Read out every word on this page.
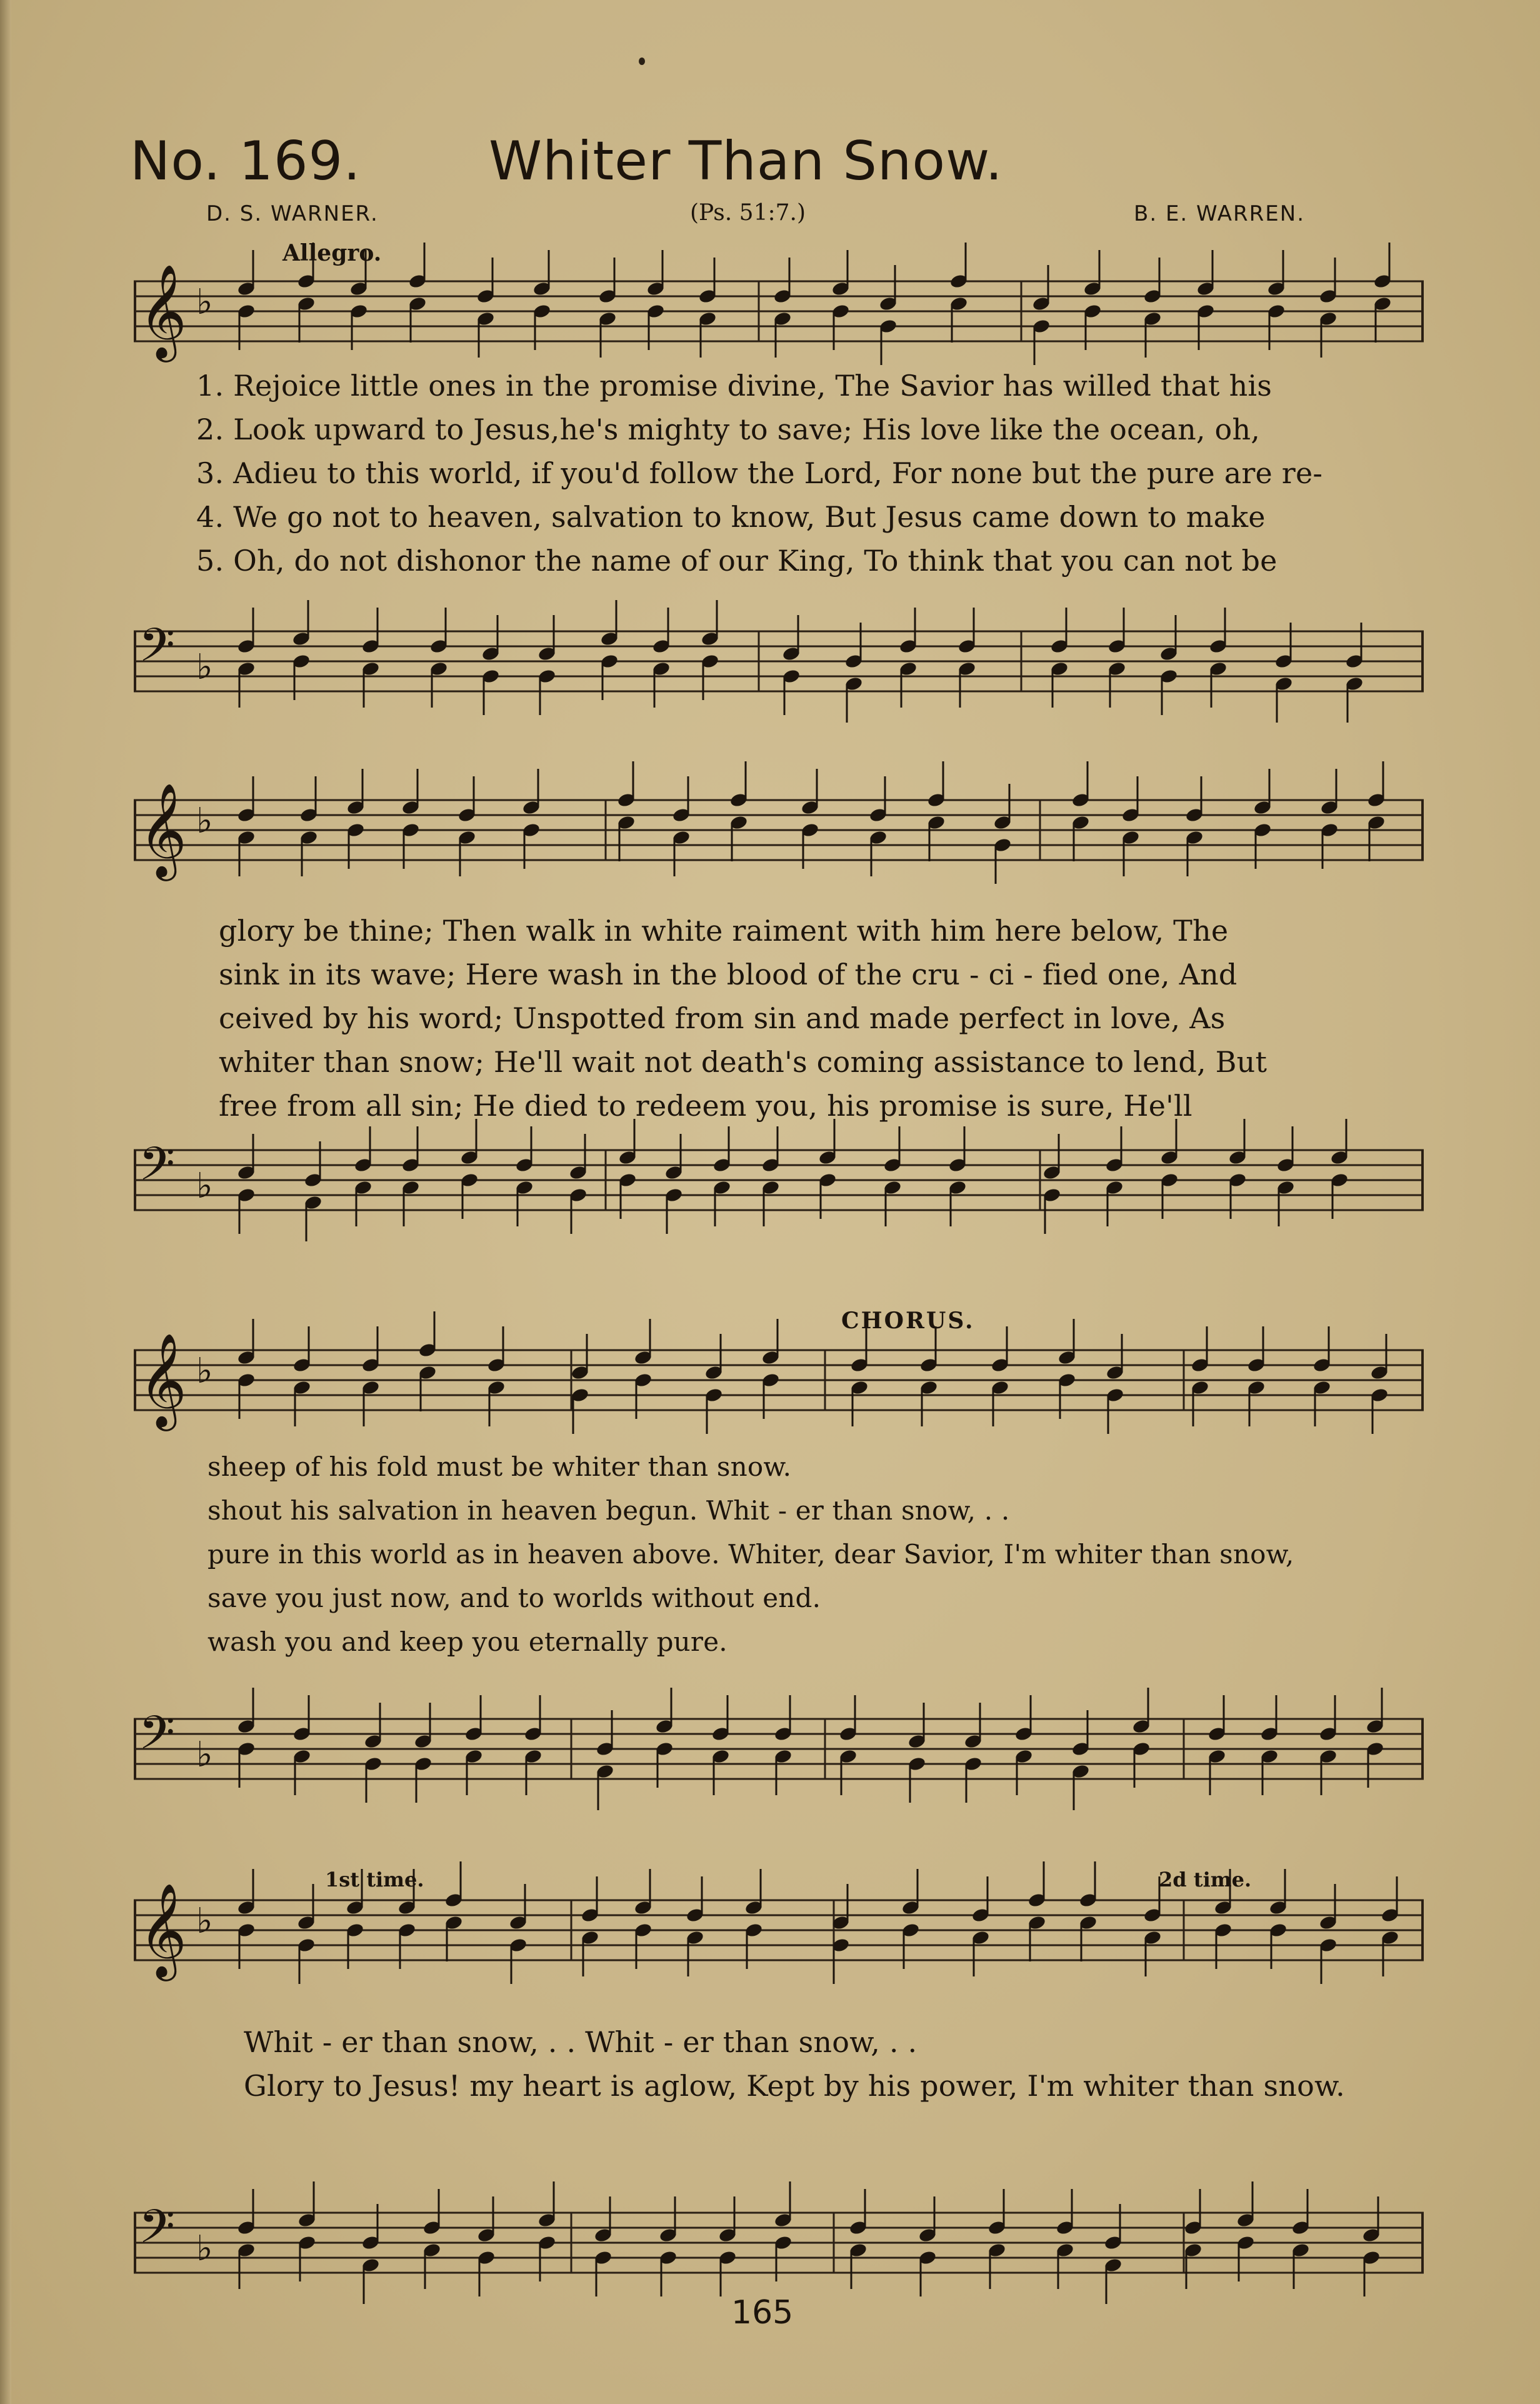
No. 169. Whiter Than Snow.
D. S. WARNER.	(Ps. 51:7.)	B. E. WARREN.
Allegro.
CHORUS.
1st time.	2d time.
𝄞 ♭
𝄢 ♭
1. Rejoice little ones in the promise divine, The Savior has willed that his
2. Look upward to Jesus,he's mighty to save; His love like the ocean, oh,
3. Adieu to this world, if you'd follow the Lord, For none but the pure are re-
4. We go not to heaven, salvation to know, But Jesus came down to make
5. Oh, do not dishonor the name of our King, To think that you can not be
𝄞 ♭
𝄢 ♭
glory be thine; Then walk in white raiment with him here below, The
sink in its wave; Here wash in the blood of the cru - ci - fied one, And
ceived by his word; Unspotted from sin and made perfect in love, As
whiter than snow; He'll wait not death's coming assistance to lend, But
free from all sin; He died to redeem you, his promise is sure, He'll
𝄞 ♭
𝄢 ♭
sheep of his fold must be whiter than snow.
shout his salvation in heaven begun. Whit - er than snow, . .
pure in this world as in heaven above. Whiter, dear Savior, I'm whiter than snow,
save you just now, and to worlds without end.
wash you and keep you eternally pure.
𝄞 ♭
𝄢 ♭
Whit - er than snow, . . Whit - er than snow, . .
Glory to Jesus! my heart is aglow, Kept by his power, I'm whiter than snow.
165
